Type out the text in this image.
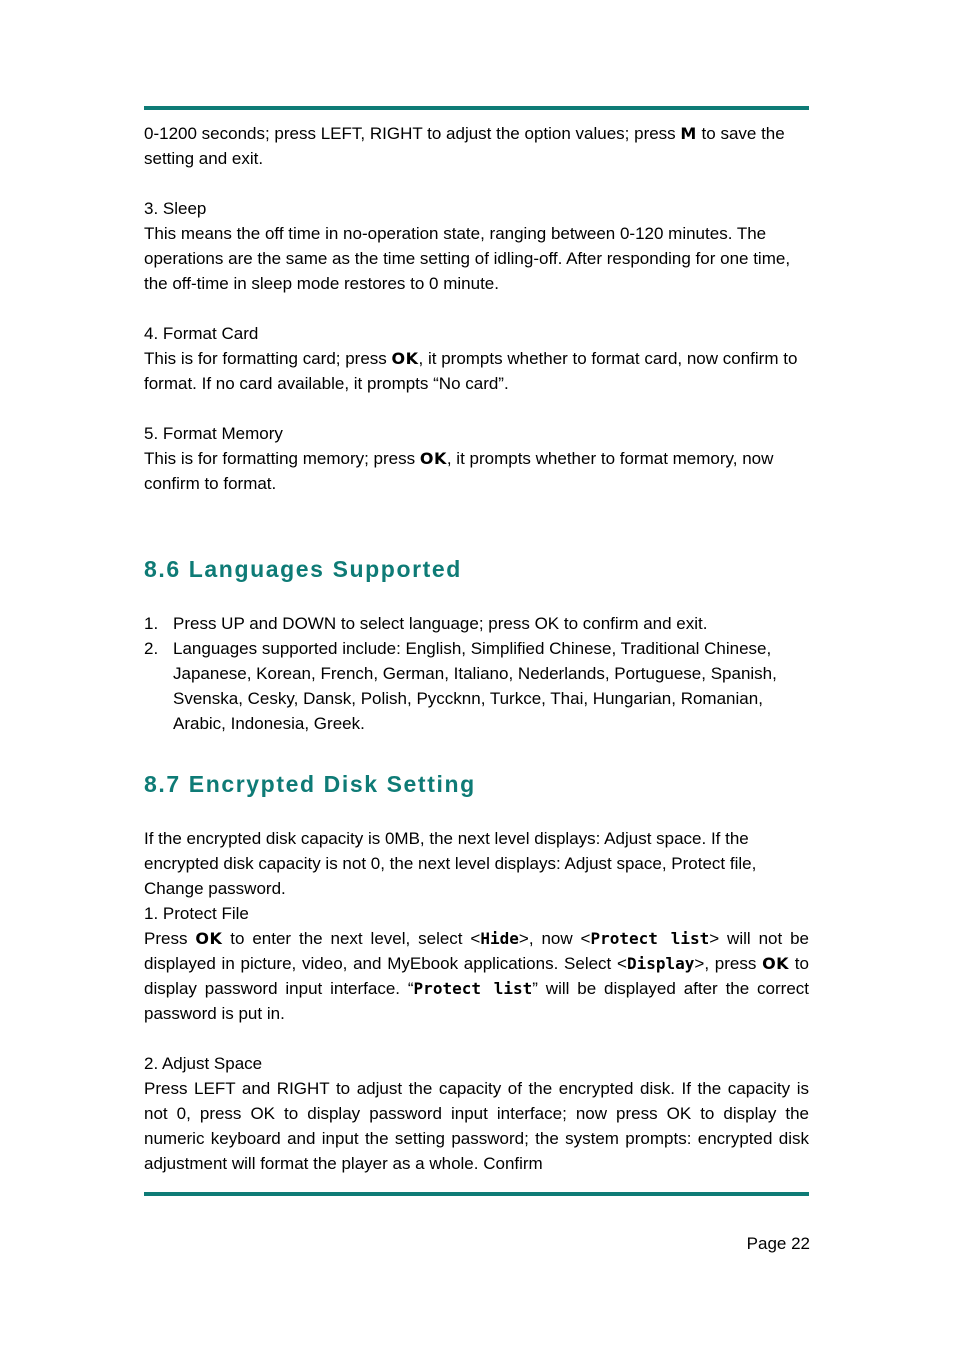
0-1200 seconds; press LEFT, RIGHT to adjust the option values; press M to save the setting and exit.

3. Sleep

This means the off time in no-operation state, ranging between 0-120 minutes. The operations are the same as the time setting of idling-off. After responding for one time, the off-time in sleep mode restores to 0 minute.

4. Format Card

This is for formatting card; press OK, it prompts whether to format card, now confirm to format. If no card available, it prompts “No card”.

5. Format Memory

This is for formatting memory; press OK, it prompts whether to format memory, now confirm to format.

8.6 Languages Supported
1. Press UP and DOWN to select language; press OK to confirm and exit.
2. Languages supported include: English, Simplified Chinese, Traditional Chinese, Japanese, Korean, French, German, Italiano, Nederlands, Portuguese, Spanish, Svenska, Cesky, Dansk, Polish, Pyccknn, Turkce, Thai, Hungarian, Romanian, Arabic, Indonesia, Greek.
8.7 Encrypted Disk Setting

If the encrypted disk capacity is 0MB, the next level displays: Adjust space. If the encrypted disk capacity is not 0, the next level displays: Adjust space, Protect file, Change password.

1. Protect File

Press OK to enter the next level, select <Hide>, now <Protect list> will not be displayed in picture, video, and MyEbook applications. Select <Display>, press OK to display password input interface. “Protect list” will be displayed after the correct password is put in.

2. Adjust Space

Press LEFT and RIGHT to adjust the capacity of the encrypted disk. If the capacity is not 0, press OK to display password input interface; now press OK to display the numeric keyboard and input the setting password; the system prompts: encrypted disk adjustment will format the player as a whole. Confirm

Page 22
